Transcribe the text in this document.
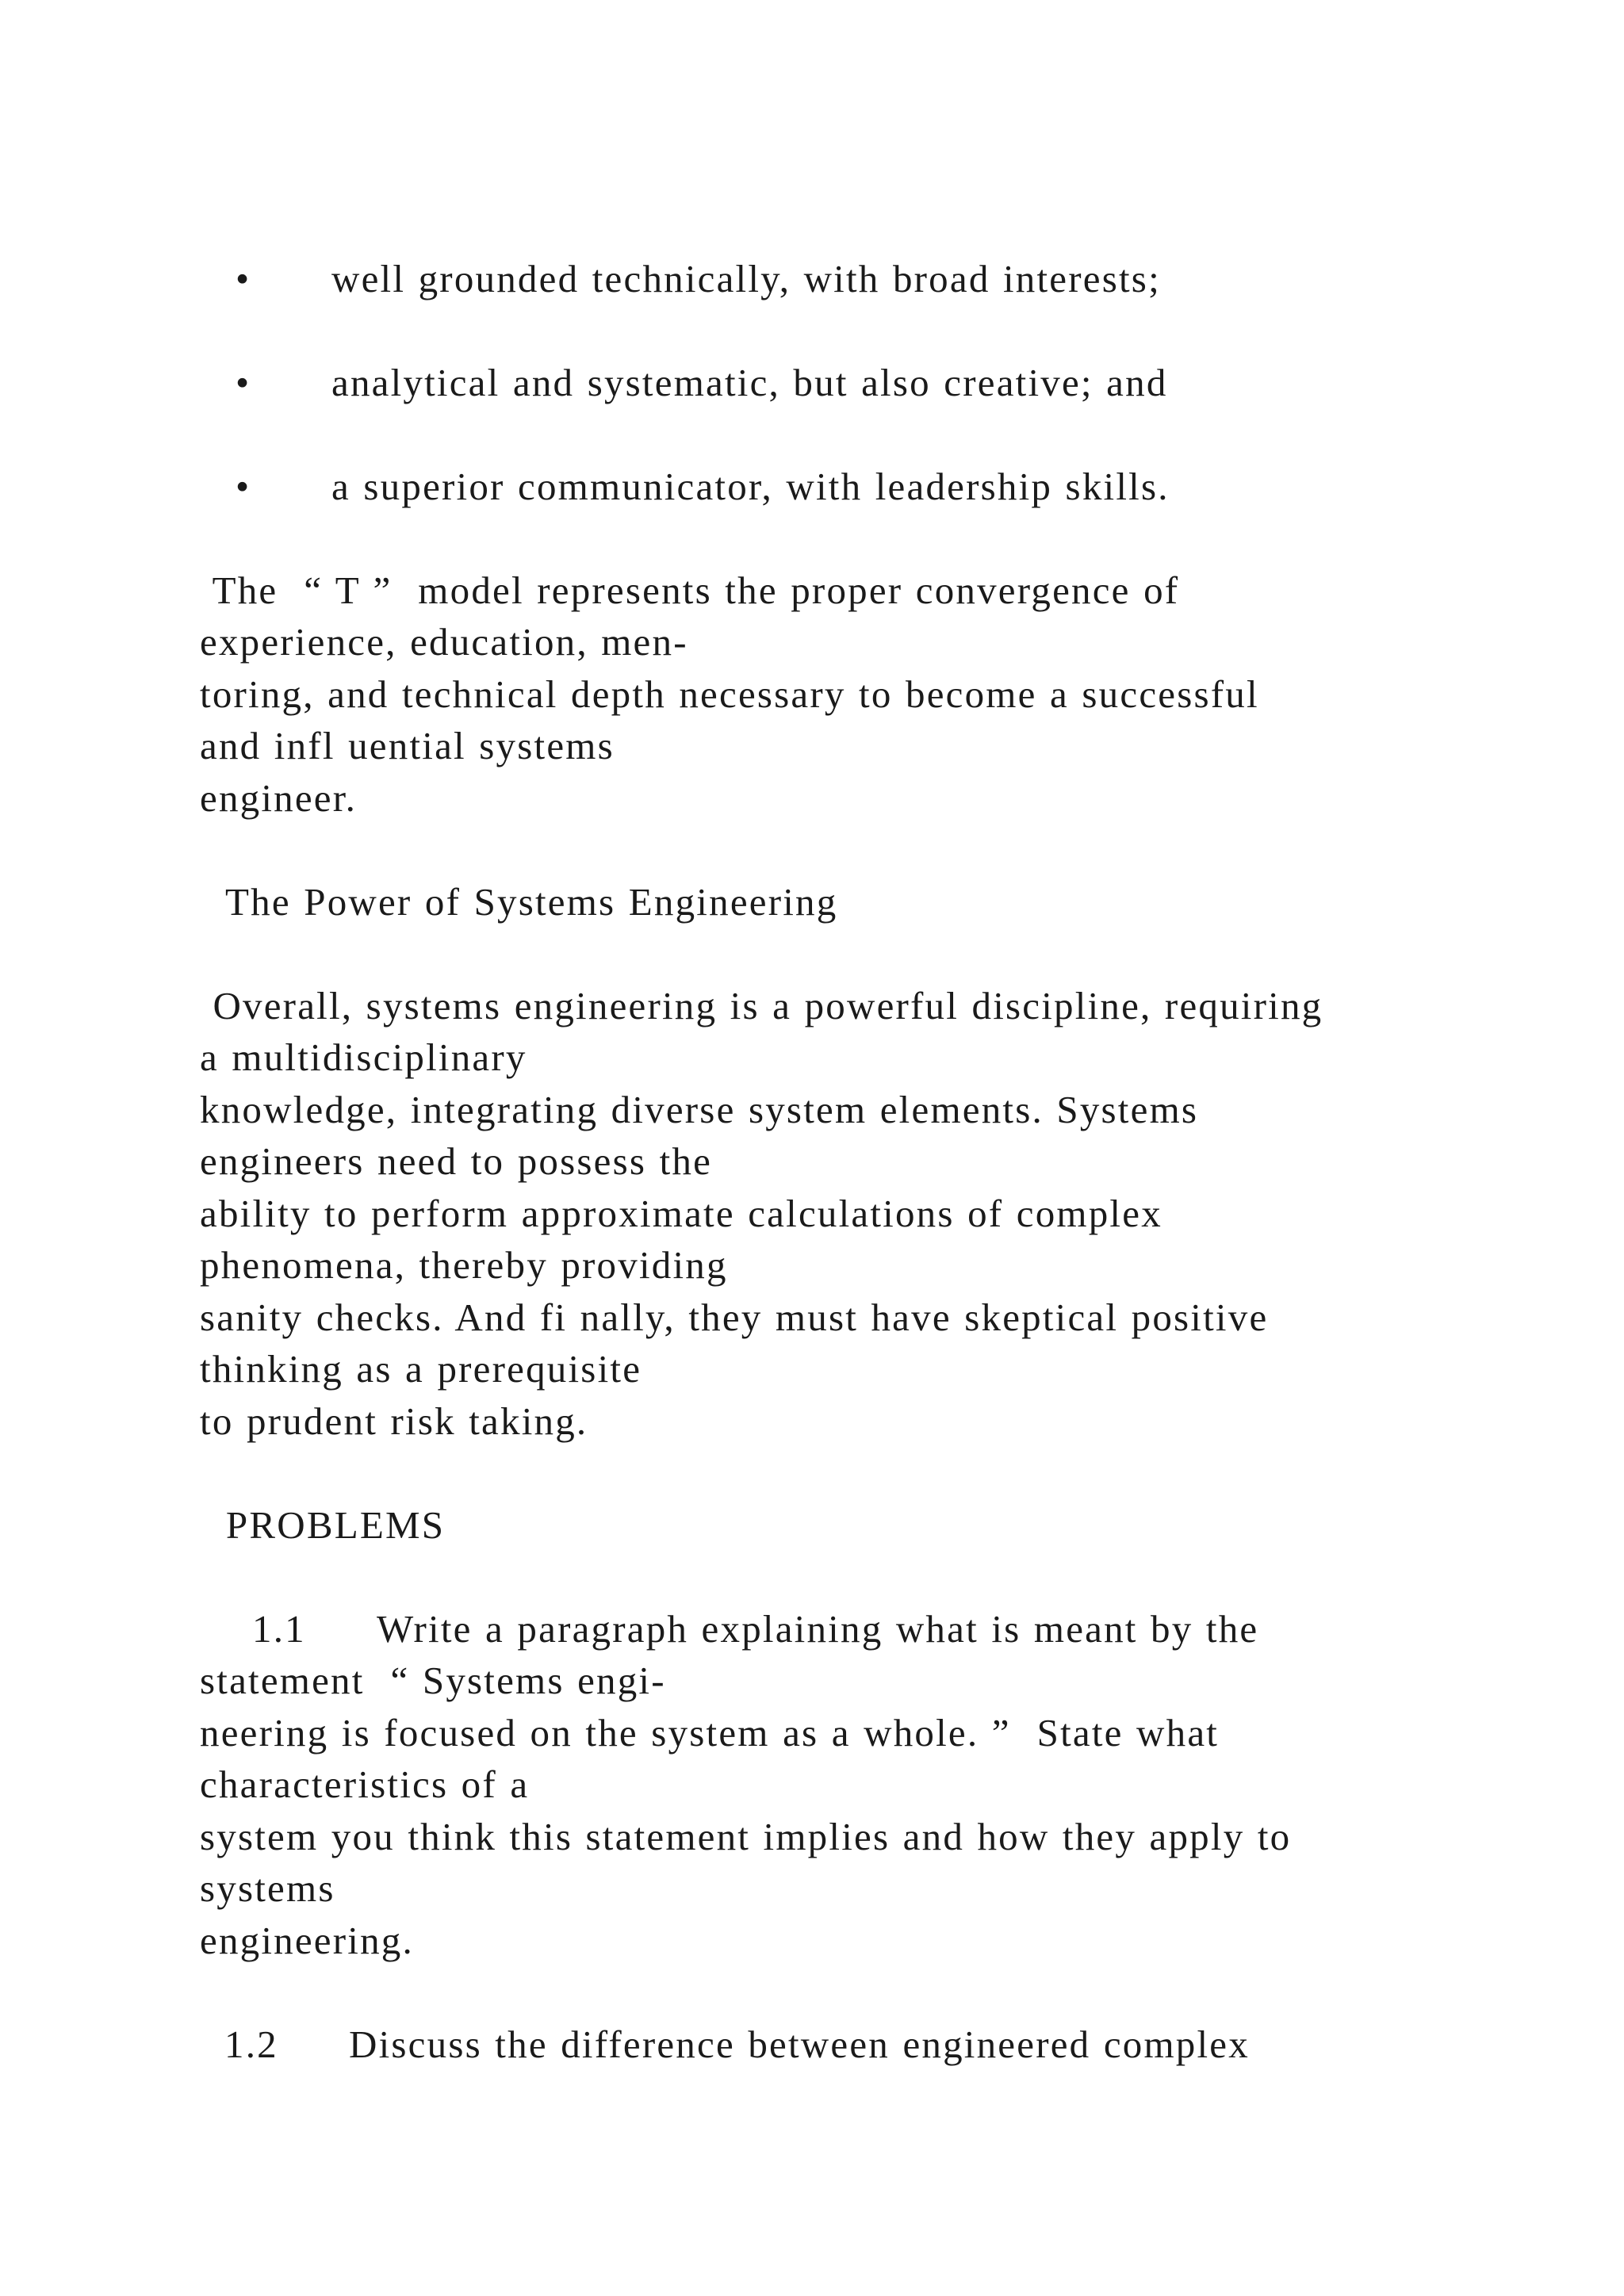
• well grounded technically, with broad interests;
• analytical and systematic, but also creative; and
• a superior communicator, with leadership skills.
The  “ T ”  model represents the proper convergence of
experience, education, men-
toring, and technical depth necessary to become a successful
and infl uential systems
engineer.
The Power of Systems Engineering
Overall, systems engineering is a powerful discipline, requiring
a multidisciplinary
knowledge, integrating diverse system elements. Systems
engineers need to possess the
ability to perform approximate calculations of complex
phenomena, thereby providing
sanity checks. And fi nally, they must have skeptical positive
thinking as a prerequisite
to prudent risk taking.
PROBLEMS
1.1 Write a paragraph explaining what is meant by the
statement  “ Systems engi-
neering is focused on the system as a whole. ”  State what
characteristics of a
system you think this statement implies and how they apply to
systems
engineering.
1.2 Discuss the difference between engineered complex
